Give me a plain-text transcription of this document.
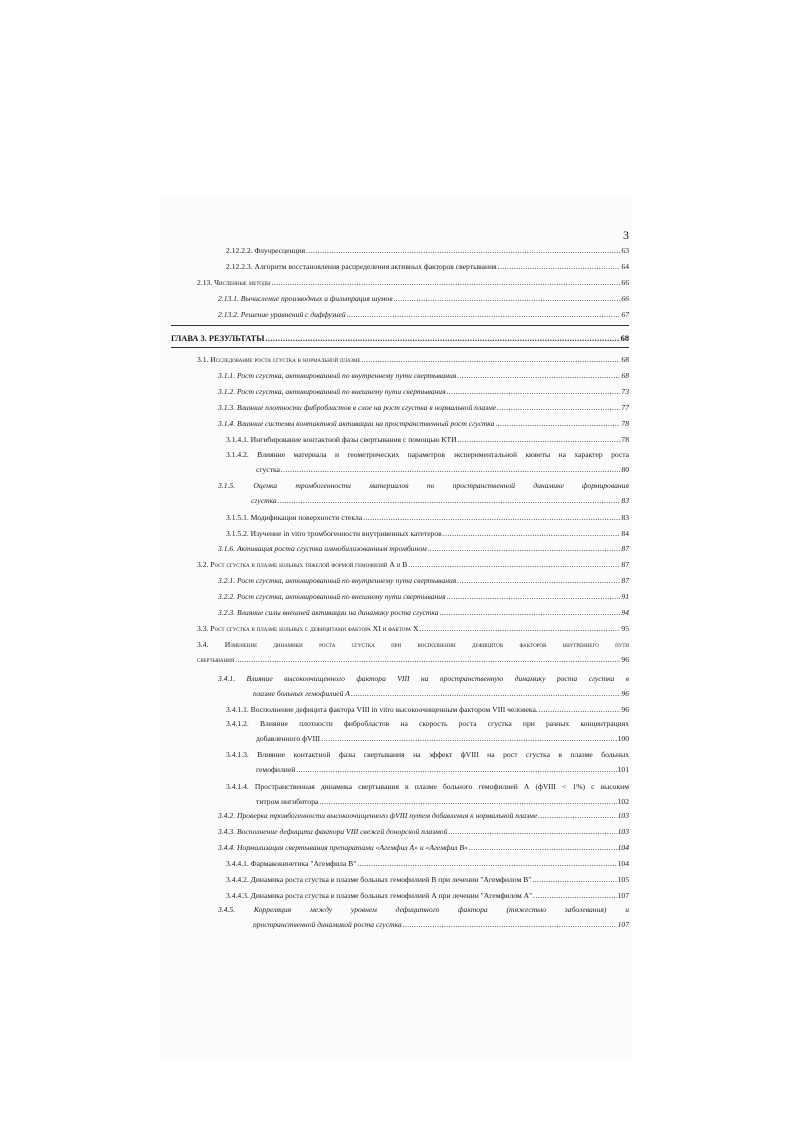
3
2.12.2.2. Флуоресценция .....	63
2.12.2.3. Алгоритм восстановления распределения активных факторов свертывания .....	64
2.13. Численные методы .....	66
2.13.1. Вычисление производных и фильтрация шумов .....	66
2.13.2. Решение уравнений с диффузией .....	67
ГЛАВА 3. РЕЗУЛЬТАТЫ .....	68
3.1. Исследование роста сгустка в нормальной плазме .....	68
3.1.1. Рост сгустка, активированный по внутреннему пути свертывания .....	68
3.1.2. Рост сгустка, активированный по внешнему пути свертывания .....	73
3.1.3. Влияние плотности фибробластов в слое на рост сгустка в нормальной плазме .....	77
3.1.4. Влияние системы контактной активации на пространственный рост сгустка .....	78
3.1.4.1. Ингибирование контактной фазы свертывания с помощью КТИ .....	78
3.1.4.2. Влияние материала и геометрических параметров экспериментальной кюветы на характер роста
сгустка .....	80
3.1.5. Оценка тромбогенности материалов по пространственной динамике формирования
сгустка .....	83
3.1.5.1. Модификация поверхности стекла .....	83
3.1.5.2. Изучение in vitro тромбогенности внутривенных катетеров .....	84
3.1.6. Активация роста сгустка иммобилизованным тромбином .....	87
3.2. Рост сгустка в плазме больных тяжелой формой гемофилий А и В .....	87
3.2.1. Рост сгустка, активированный по внутреннему пути свертывания .....	87
3.2.2. Рост сгустка, активированный по внешнему пути свертывания .....	91
3.2.3. Влияние силы внешней активации на динамику роста сгустка .....	94
3.3. Рост сгустка в плазме больных с дефицитами фактора XI и фактора X .....	95
3.4. Изменение динамики роста сгустка при восполнении дефицитов факторов внутреннего пути
свертывания .....	96
3.4.1. Влияние высокоочищенного фактора VIII на пространственную динамику роста сгустка в
плазме больных гемофилией А .....	96
3.4.1.1. Восполнение дефицита фактора VIII in vitro высокоочищенным фактором VIII человека. .....	96
3.4.1.2. Влияние плотности фибробластов на скорость роста сгустка при разных концентрациях
добавленного фVIII .....	100
3.4.1.3. Влияние контактной фазы свертывания на эффект фVIII на рост сгустка в плазме больных
гемофилией .....	101
3.4.1.4. Пространственная динамика свертывания в плазме больного гемофилией А (фVIII < 1%) с высоким
титром ингибитора .....	102
3.4.2. Проверка тромбогенности высокоочищенного фVIII путем добавления к нормальной плазме .....	103
3.4.3. Восполнение дефицита фактора VIII свежей донорской плазмой .....	103
3.4.4. Нормализация свертывания препаратами «Агемфил А» и «Агемфил В» .....	104
3.4.4.1. Фармакокинетика "Агемфила В" .....	104
3.4.4.2. Динамика роста сгустка в плазме больных гемофилией В при лечении "Агемфилом В" .....	105
3.4.4.3. Динамика роста сгустка в плазме больных гемофилией А при лечении "Агемфилом А" .....	107
3.4.5. Корреляция между уровнем дефицитного фактора (тяжестью заболевания) и
пространственной динамикой роста сгустка .....	107
